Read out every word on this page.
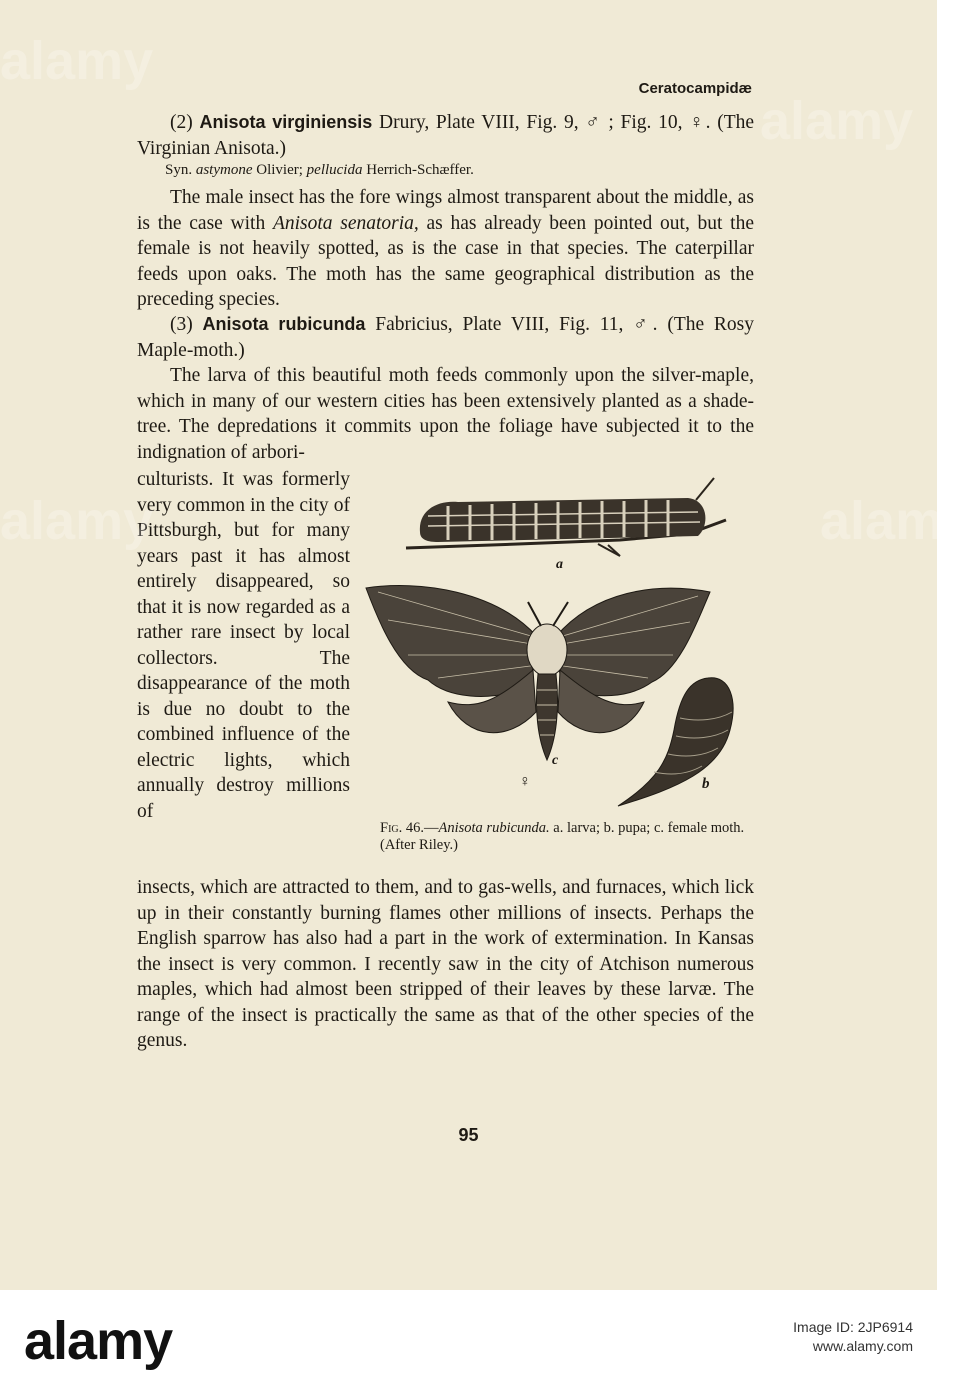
Ceratocampidæ

(2) Anisota virginiensis Drury, Plate VIII, Fig. 9, ♂ ; Fig. 10, ♀. (The Virginian Anisota.)

Syn. astymone Olivier; pellucida Herrich-Schæffer.

The male insect has the fore wings almost transparent about the middle, as is the case with Anisota senatoria, as has already been pointed out, but the female is not heavily spotted, as is the case in that species. The caterpillar feeds upon oaks. The moth has the same geographical distribution as the preceding species.

(3) Anisota rubicunda Fabricius, Plate VIII, Fig. 11, ♂. (The Rosy Maple-moth.)

The larva of this beautiful moth feeds commonly upon the silver-maple, which in many of our western cities has been extensively planted as a shade-tree. The depredations it commits upon the foliage have subjected it to the indignation of arbori-

culturists. It was formerly very common in the city of Pittsburgh, but for many years past it has almost entirely disappeared, so that it is now regarded as a rather rare insect by local collectors. The disappearance of the moth is due no doubt to the combined influence of the electric lights, which annually destroy millions of
a
c
♀	b
Fig. 46.—Anisota rubicunda. a. larva; b. pupa; c. female moth. (After Riley.)

insects, which are attracted to them, and to gas-wells, and furnaces, which lick up in their constantly burning flames other millions of insects. Perhaps the English sparrow has also had a part in the work of extermination. In Kansas the insect is very common. I recently saw in the city of Atchison numerous maples, which had almost been stripped of their leaves by these larvæ. The range of the insect is practically the same as that of the other species of the genus.

95
alamy
alamy
alamy	alamy
alamy	Image ID: 2JP6914
www.alamy.com
